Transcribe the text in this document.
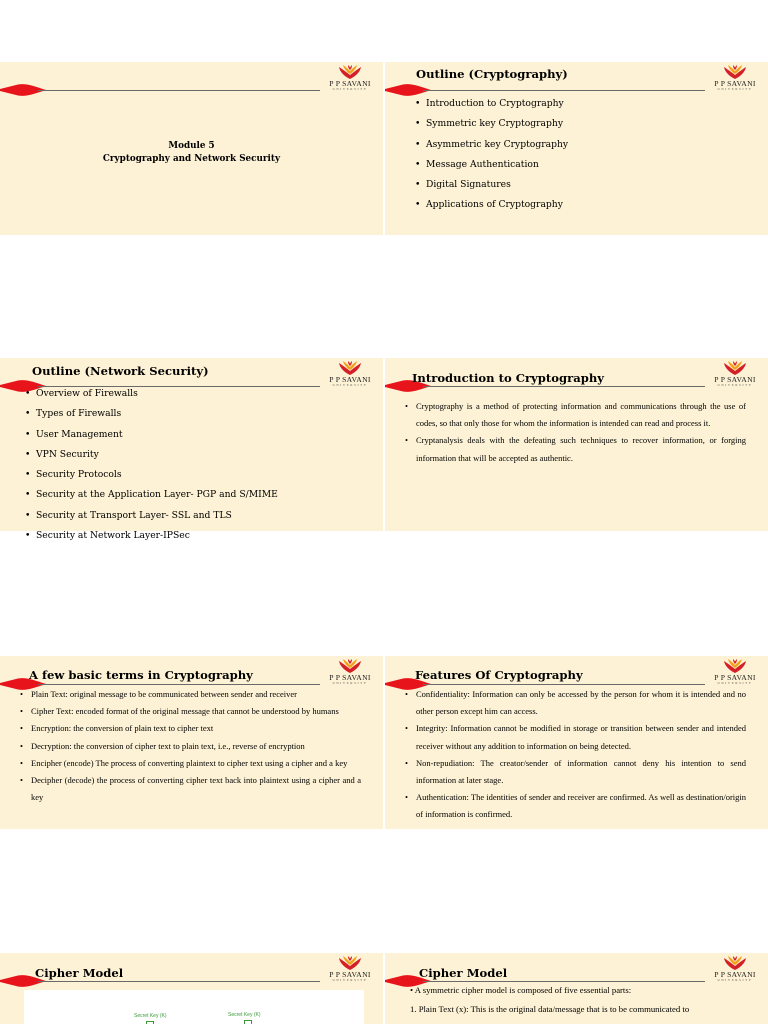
P P SAVANI
UNIVERSITY
Module 5
Cryptography and Network Security
P P SAVANI
UNIVERSITY
Outline (Cryptography)
• Introduction to Cryptography
• Symmetric key Cryptography
• Asymmetric key Cryptography
• Message Authentication
• Digital Signatures
• Applications of Cryptography
P P SAVANI
UNIVERSITY
Outline (Network Security)
• Overview of Firewalls
• Types of Firewalls
• User Management
• VPN Security
• Security Protocols
• Security at the Application Layer- PGP and S/MIME
• Security at Transport Layer- SSL and TLS
• Security at Network Layer-IPSec
P P SAVANI
UNIVERSITY
Introduction to Cryptography
• Cryptography is a method of protecting information and communications through the use of codes, so that only those for whom the information is intended can read and process it.
• Cryptanalysis deals with the defeating such techniques to recover information, or forging information that will be accepted as authentic.
P P SAVANI
UNIVERSITY
A few basic terms in Cryptography
• Plain Text: original message to be communicated between sender and receiver
• Cipher Text: encoded format of the original message that cannot be understood by humans
• Encryption: the conversion of plain text to cipher text
• Decryption: the conversion of cipher text to plain text, i.e., reverse of encryption
• Encipher (encode) The process of converting plaintext to cipher text using a cipher and a key
• Decipher (decode) the process of converting cipher text back into plaintext using a cipher and a key
P P SAVANI
UNIVERSITY
Features Of Cryptography
• Confidentiality: Information can only be accessed by the person for whom it is intended and no other person except him can access.
• Integrity: Information cannot be modified in storage or transition between sender and intended receiver without any addition to information on being detected.
• Non-repudiation: The creator/sender of information cannot deny his intention to send information at later stage.
• Authentication: The identities of sender and receiver are confirmed. As well as destination/origin of information is confirmed.
P P SAVANI
UNIVERSITY
Cipher Model
Secret Key (K)	Secret Key (K)
P P SAVANI
UNIVERSITY
Cipher Model
• A symmetric cipher model is composed of five essential parts:
1. Plain Text (x): This is the original data/message that is to be communicated to
